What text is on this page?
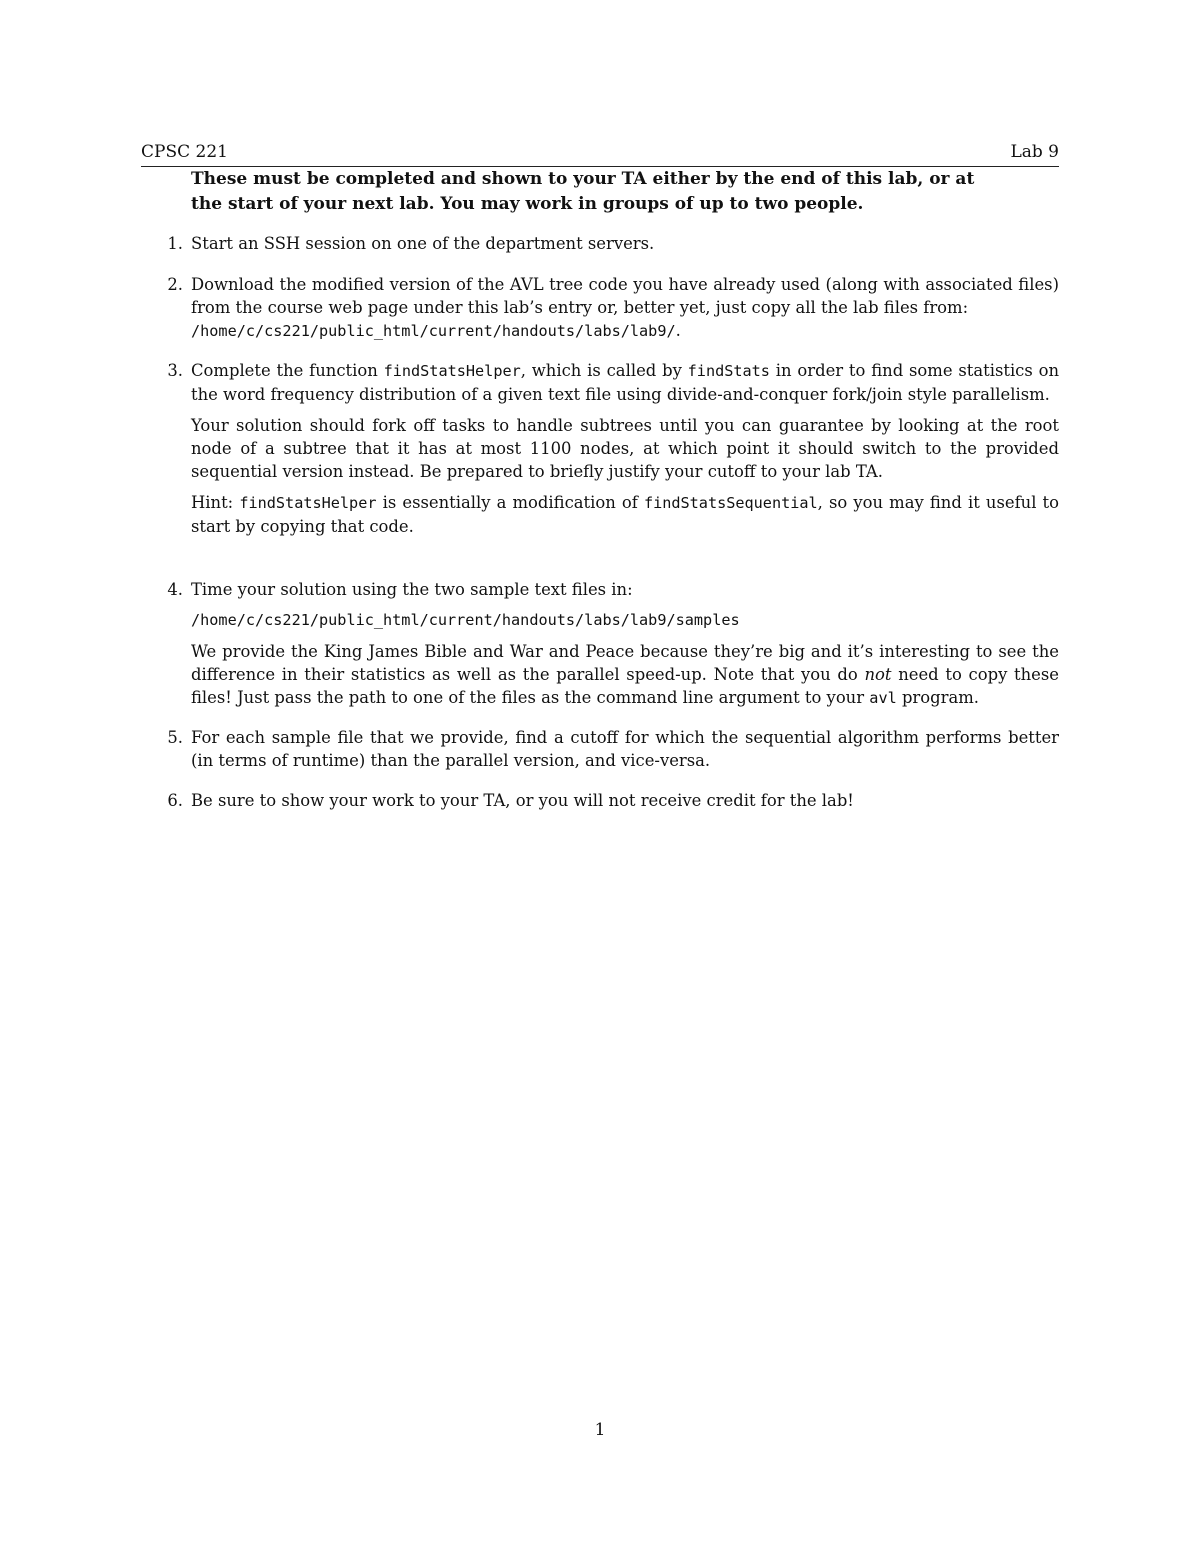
CPSC 221	Lab 9
These must be completed and shown to your TA either by the end of this lab, or at
the start of your next lab. You may work in groups of up to two people.
1. Start an SSH session on one of the department servers.

2. Download the modified version of the AVL tree code you have already used (along with associated files) from the course web page under this lab’s entry or, better yet, just copy all the lab files from:
/home/c/cs221/public_html/current/handouts/labs/lab9/.

3. Complete the function findStatsHelper, which is called by findStats in order to find some statistics on the word frequency distribution of a given text file using divide-and-conquer fork/join style parallelism.

Your solution should fork off tasks to handle subtrees until you can guarantee by looking at the root node of a subtree that it has at most 1100 nodes, at which point it should switch to the provided sequential version instead. Be prepared to briefly justify your cutoff to your lab TA.

Hint: findStatsHelper is essentially a modification of findStatsSequential, so you may find it useful to start by copying that code.

4. Time your solution using the two sample text files in:

/home/c/cs221/public_html/current/handouts/labs/lab9/samples

We provide the King James Bible and War and Peace because they’re big and it’s interesting to see the difference in their statistics as well as the parallel speed-up. Note that you do not need to copy these files! Just pass the path to one of the files as the command line argument to your avl program.

5. For each sample file that we provide, find a cutoff for which the sequential algorithm performs better (in terms of runtime) than the parallel version, and vice-versa.

6. Be sure to show your work to your TA, or you will not receive credit for the lab!

1
